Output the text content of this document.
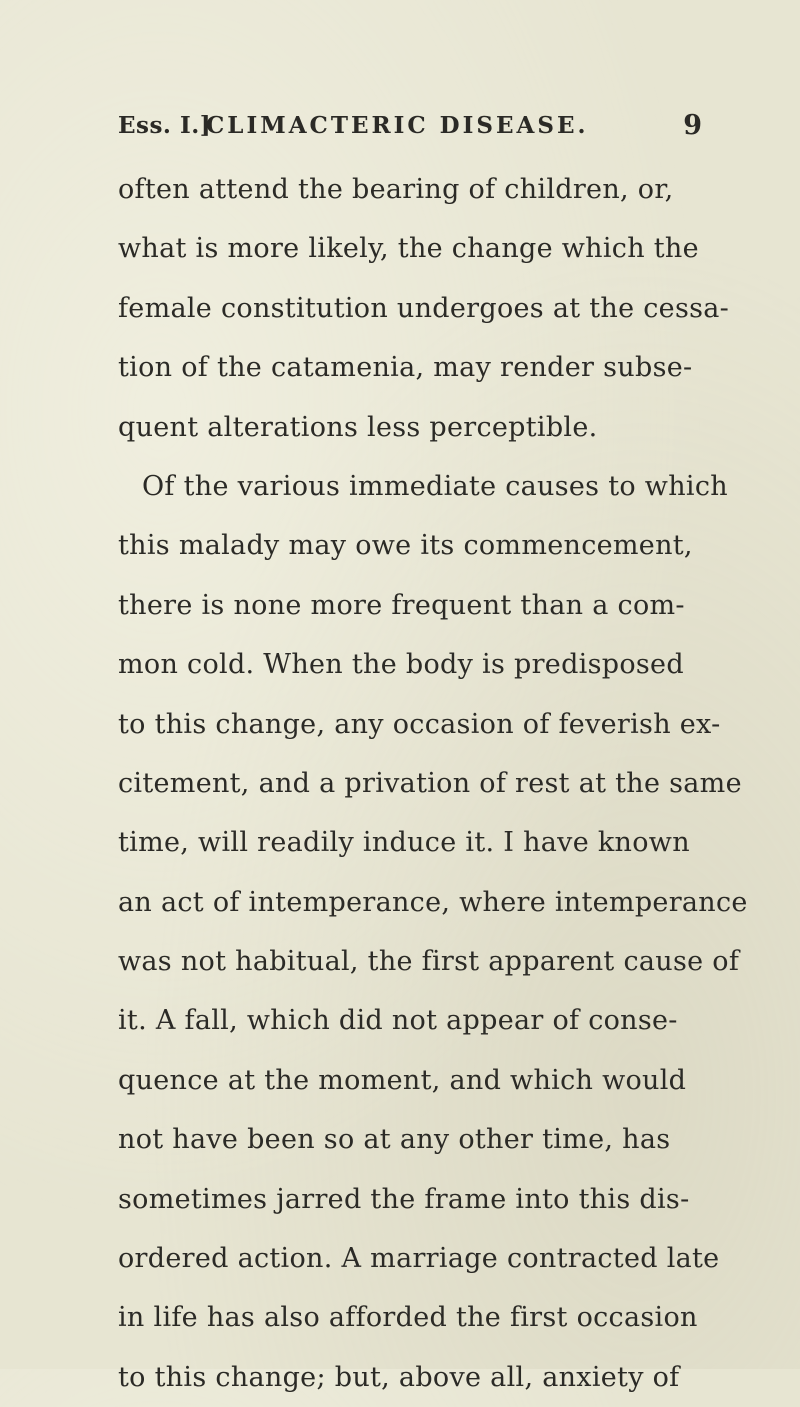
Ess. I.]
CLIMACTERIC DISEASE.	9
often attend the bearing of children, or,
what is more likely, the change which the
female constitution undergoes at the cessa-
tion of the catamenia, may render subse-
quent alterations less perceptible.
Of the various immediate causes to which
this malady may owe its commencement,
there is none more frequent than a com-
mon cold. When the body is predisposed
to this change, any occasion of feverish ex-
citement, and a privation of rest at the same
time, will readily induce it. I have known
an act of intemperance, where intemperance
was not habitual, the first apparent cause of
it. A fall, which did not appear of conse-
quence at the moment, and which would
not have been so at any other time, has
sometimes jarred the frame into this dis-
ordered action. A marriage contracted late
in life has also afforded the first occasion
to this change; but, above all, anxiety of
